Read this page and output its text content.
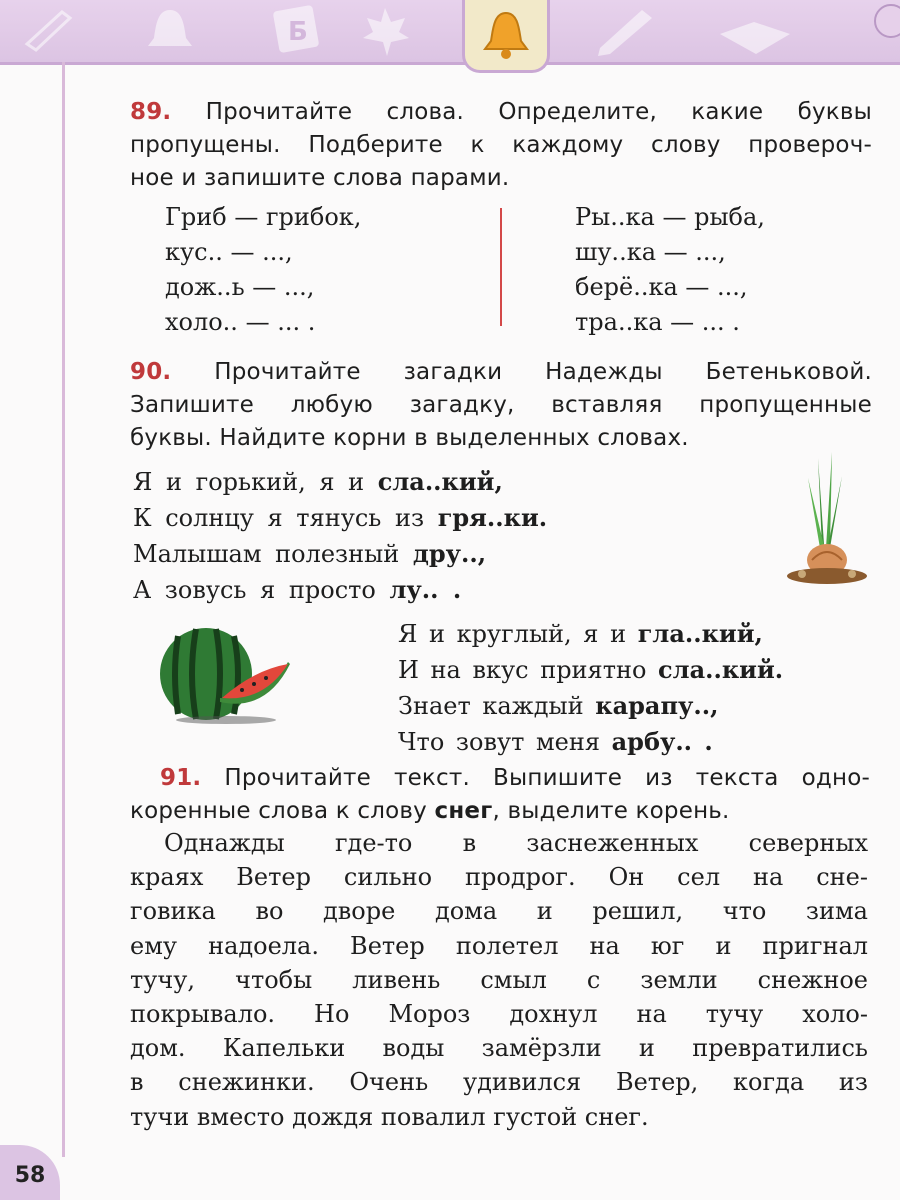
Б
89. Прочитайте слова. Определите, какие буквы
пропущены. Подберите к каждому слову провероч-
ное и запишите слова парами.
Гриб — грибок,
кус.. — ...,
дож..ь — ...,
холо.. — ... .
Ры..ка — рыба,
шу..ка — ...,
берё..ка — ...,
тра..ка — ... .
90. Прочитайте загадки Надежды Бетеньковой.
Запишите любую загадку, вставляя пропущенные
буквы. Найдите корни в выделенных словах.
Я и горький, я и сла..кий,
К солнцу я тянусь из гря..ки.
Малышам полезный дру..,
А зовусь я просто лу.. .
Я и круглый, я и гла..кий,
И на вкус приятно сла..кий.
Знает каждый карапу..,
Что зовут меня арбу.. .
91. Прочитайте текст. Выпишите из текста одно-
коренные слова к слову снег, выделите корень.
Однажды где-то в заснеженных северных
краях Ветер сильно продрог. Он сел на сне-
говика во дворе дома и решил, что зима
ему надоела. Ветер полетел на юг и пригнал
тучу, чтобы ливень смыл с земли снежное
покрывало. Но Мороз дохнул на тучу холо-
дом. Капельки воды замёрзли и превратились
в снежинки. Очень удивился Ветер, когда из
тучи вместо дождя повалил густой снег.
58
